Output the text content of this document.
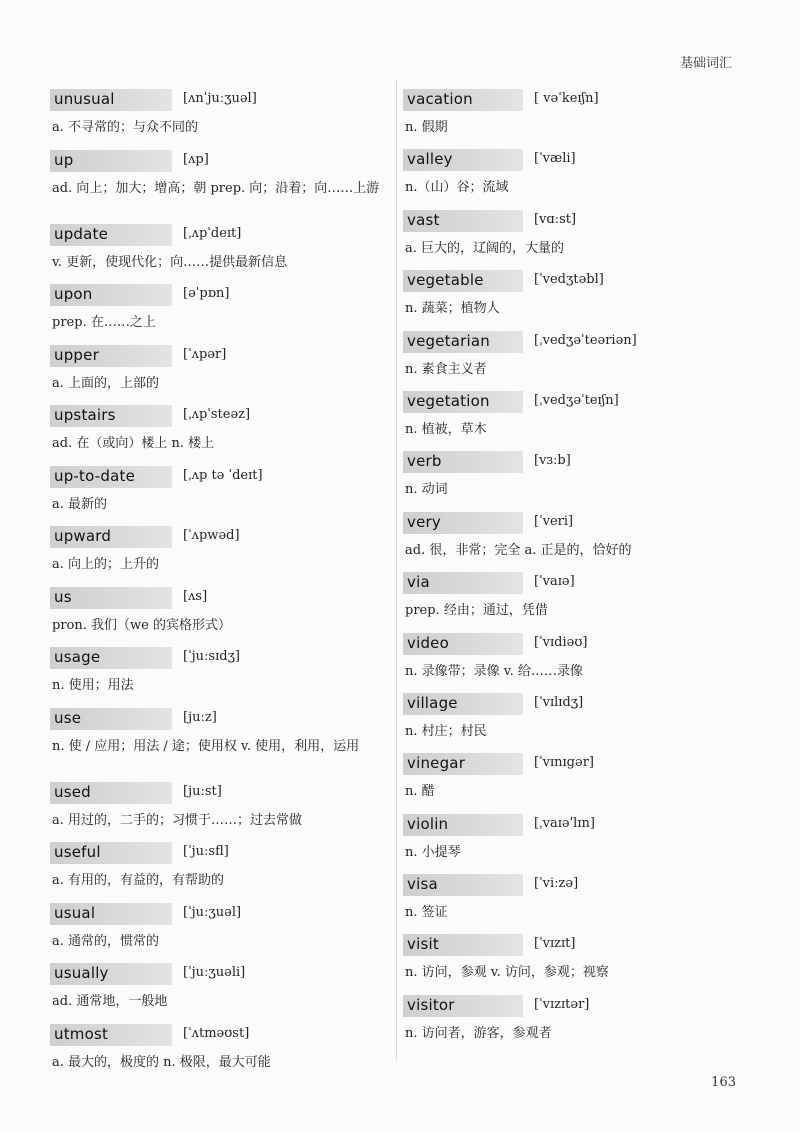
基础词汇
unusual	[ʌnˈjuːʒuəl]
a. 不寻常的；与众不同的
up	[ʌp]
ad. 向上；加大；增高；朝 prep. 向；沿着；向……上游
update	[ˌʌpˈdeɪt]
v. 更新，使现代化；向……提供最新信息
upon	[əˈpɒn]
prep. 在……之上
upper	[ˈʌpər]
a. 上面的，上部的
upstairs	[ˌʌpˈsteəz]
ad. 在（或向）楼上 n. 楼上
up-to-date	[ˌʌp tə ˈdeɪt]
a. 最新的
upward	[ˈʌpwəd]
a. 向上的；上升的
us	[ʌs]
pron. 我们（we 的宾格形式）
usage	[ˈjuːsɪdʒ]
n. 使用；用法
use	[juːz]
n. 使 / 应用；用法 / 途；使用权 v. 使用，利用，运用
used	[juːst]
a. 用过的，二手的；习惯于……；过去常做
useful	[ˈjuːsfl]
a. 有用的，有益的，有帮助的
usual	[ˈjuːʒuəl]
a. 通常的，惯常的
usually	[ˈjuːʒuəli]
ad. 通常地，一般地
utmost	[ˈʌtməʊst]
a. 最大的，极度的 n. 极限，最大可能
vacation	[ vəˈkeɪʃn]
n. 假期
valley	[ˈvæli]
n.（山）谷；流域
vast	[vɑːst]
a. 巨大的，辽阔的，大量的
vegetable	[ˈvedʒtəbl]
n. 蔬菜；植物人
vegetarian	[ˌvedʒəˈteəriən]
n. 素食主义者
vegetation	[ˌvedʒəˈteɪʃn]
n. 植被，草木
verb	[vɜːb]
n. 动词
very	[ˈveri]
ad. 很，非常；完全 a. 正是的，恰好的
via	[ˈvaɪə]
prep. 经由；通过，凭借
video	[ˈvɪdiəʊ]
n. 录像带；录像 v. 给……录像
village	[ˈvɪlɪdʒ]
n. 村庄；村民
vinegar	[ˈvɪnɪgər]
n. 醋
violin	[ˌvaɪəˈlɪn]
n. 小提琴
visa	[ˈviːzə]
n. 签证
visit	[ˈvɪzɪt]
n. 访问，参观 v. 访问，参观；视察
visitor	[ˈvɪzɪtər]
n. 访问者，游客，参观者
163
